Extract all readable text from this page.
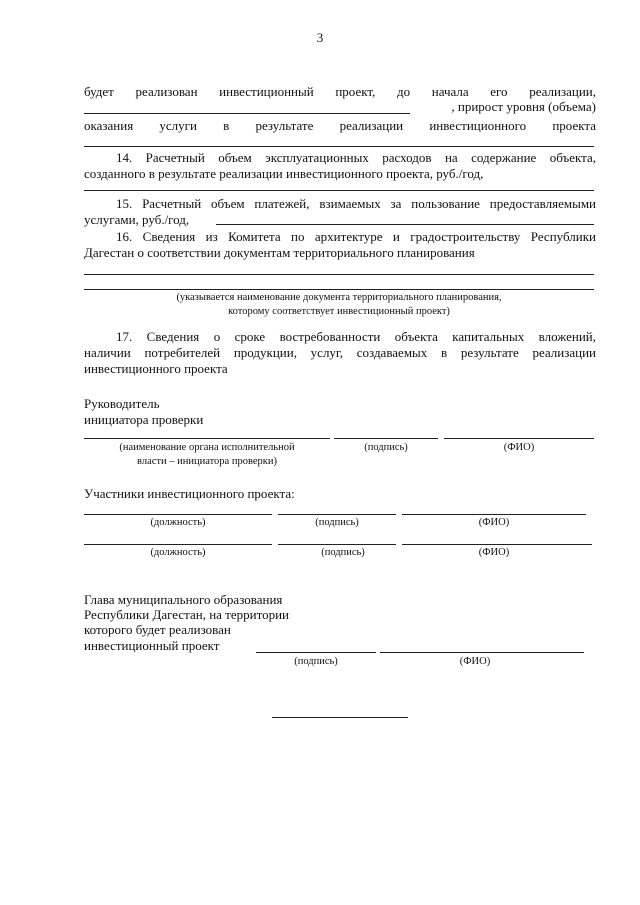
3
будет реализован инвестиционный проект, до начала его реализации,
, прирост уровня (объема)
оказания услуги в результате реализации инвестиционного проекта
14. Расчетный объем эксплуатационных расходов на содержание объекта,
созданного в результате реализации инвестиционного проекта, руб./год,
15. Расчетный объем платежей, взимаемых за пользование предоставляемыми
услугами, руб./год,
16. Сведения из Комитета по архитектуре и градостроительству Республики
Дагестан о соответствии документам территориального планирования
(указывается наименование документа территориального планирования,
которому соответствует инвестиционный проект)
17. Сведения о сроке востребованности объекта капитальных вложений,
наличии потребителей продукции, услуг, создаваемых в результате реализации
инвестиционного проекта
Руководитель
инициатора проверки
(наименование органа исполнительной
власти – инициатора проверки)
(подпись)	(ФИО)
Участники инвестиционного проекта:
(должность)	(подпись)	(ФИО)
(должность)	(подпись)	(ФИО)
Глава муниципального образования
Республики Дагестан, на территории
которого будет реализован
инвестиционный проект
(подпись)	(ФИО)
